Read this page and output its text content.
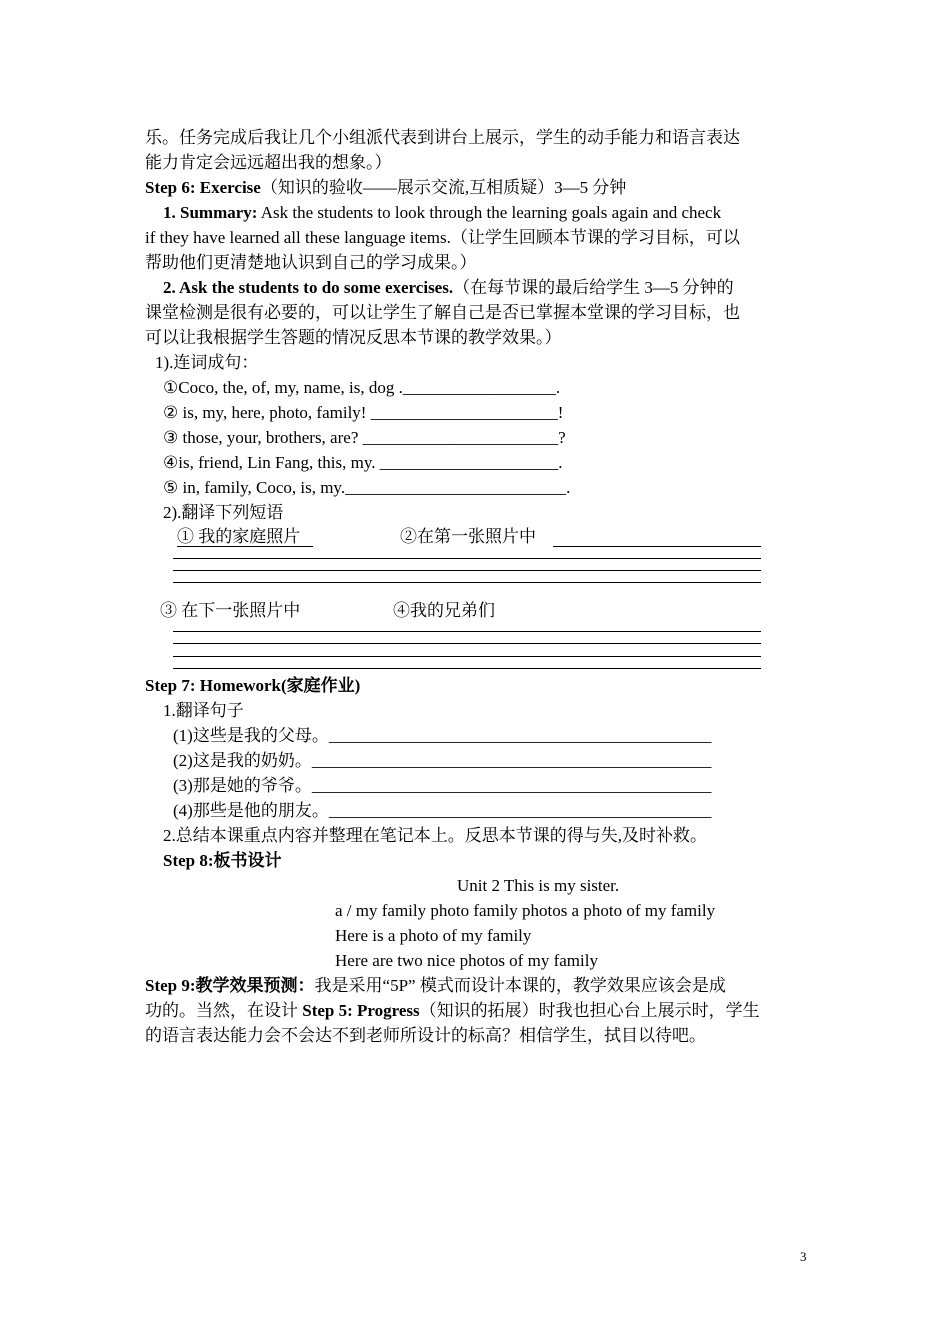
乐。任务完成后我让几个小组派代表到讲台上展示，学生的动手能力和语言表达
能力肯定会远远超出我的想象。）
Step 6: Exercise（知识的验收——展示交流,互相质疑）3—5 分钟
1. Summary: Ask the students to look through the learning goals again and check
if they have learned all these language items.（让学生回顾本节课的学习目标，可以
帮助他们更清楚地认识到自己的学习成果。）
2. Ask the students to do some exercises.（在每节课的最后给学生 3—5 分钟的
课堂检测是很有必要的，可以让学生了解自己是否已掌握本堂课的学习目标，也
可以让我根据学生答题的情况反思本节课的教学效果。）
1).连词成句：
①Coco, the, of, my, name, is, dog .__________________.
② is, my, here, photo, family! ______________________!
③ those, your, brothers, are? _______________________?
④is, friend, Lin Fang, this, my. _____________________.
⑤ in, family, Coco, is, my.__________________________.
2).翻译下列短语
① 我的家庭照片	②在第一张照片中
③ 在下一张照片中	④我的兄弟们
Step 7: Homework(家庭作业)
1.翻译句子
(1)这些是我的父母。_____________________________________________
(2)这是我的奶奶。_______________________________________________
(3)那是她的爷爷。_______________________________________________
(4)那些是他的朋友。_____________________________________________
2.总结本课重点内容并整理在笔记本上。反思本节课的得与失,及时补救。
Step 8:板书设计
Unit 2 This is my sister.
a / my family photo family photos a photo of my family
Here is a photo of my family
Here are two nice photos of my family
Step 9:教学效果预测：我是采用“5P” 模式而设计本课的，教学效果应该会是成
功的。当然，在设计 Step 5: Progress（知识的拓展）时我也担心台上展示时，学生
的语言表达能力会不会达不到老师所设计的标高？相信学生，拭目以待吧。
3
